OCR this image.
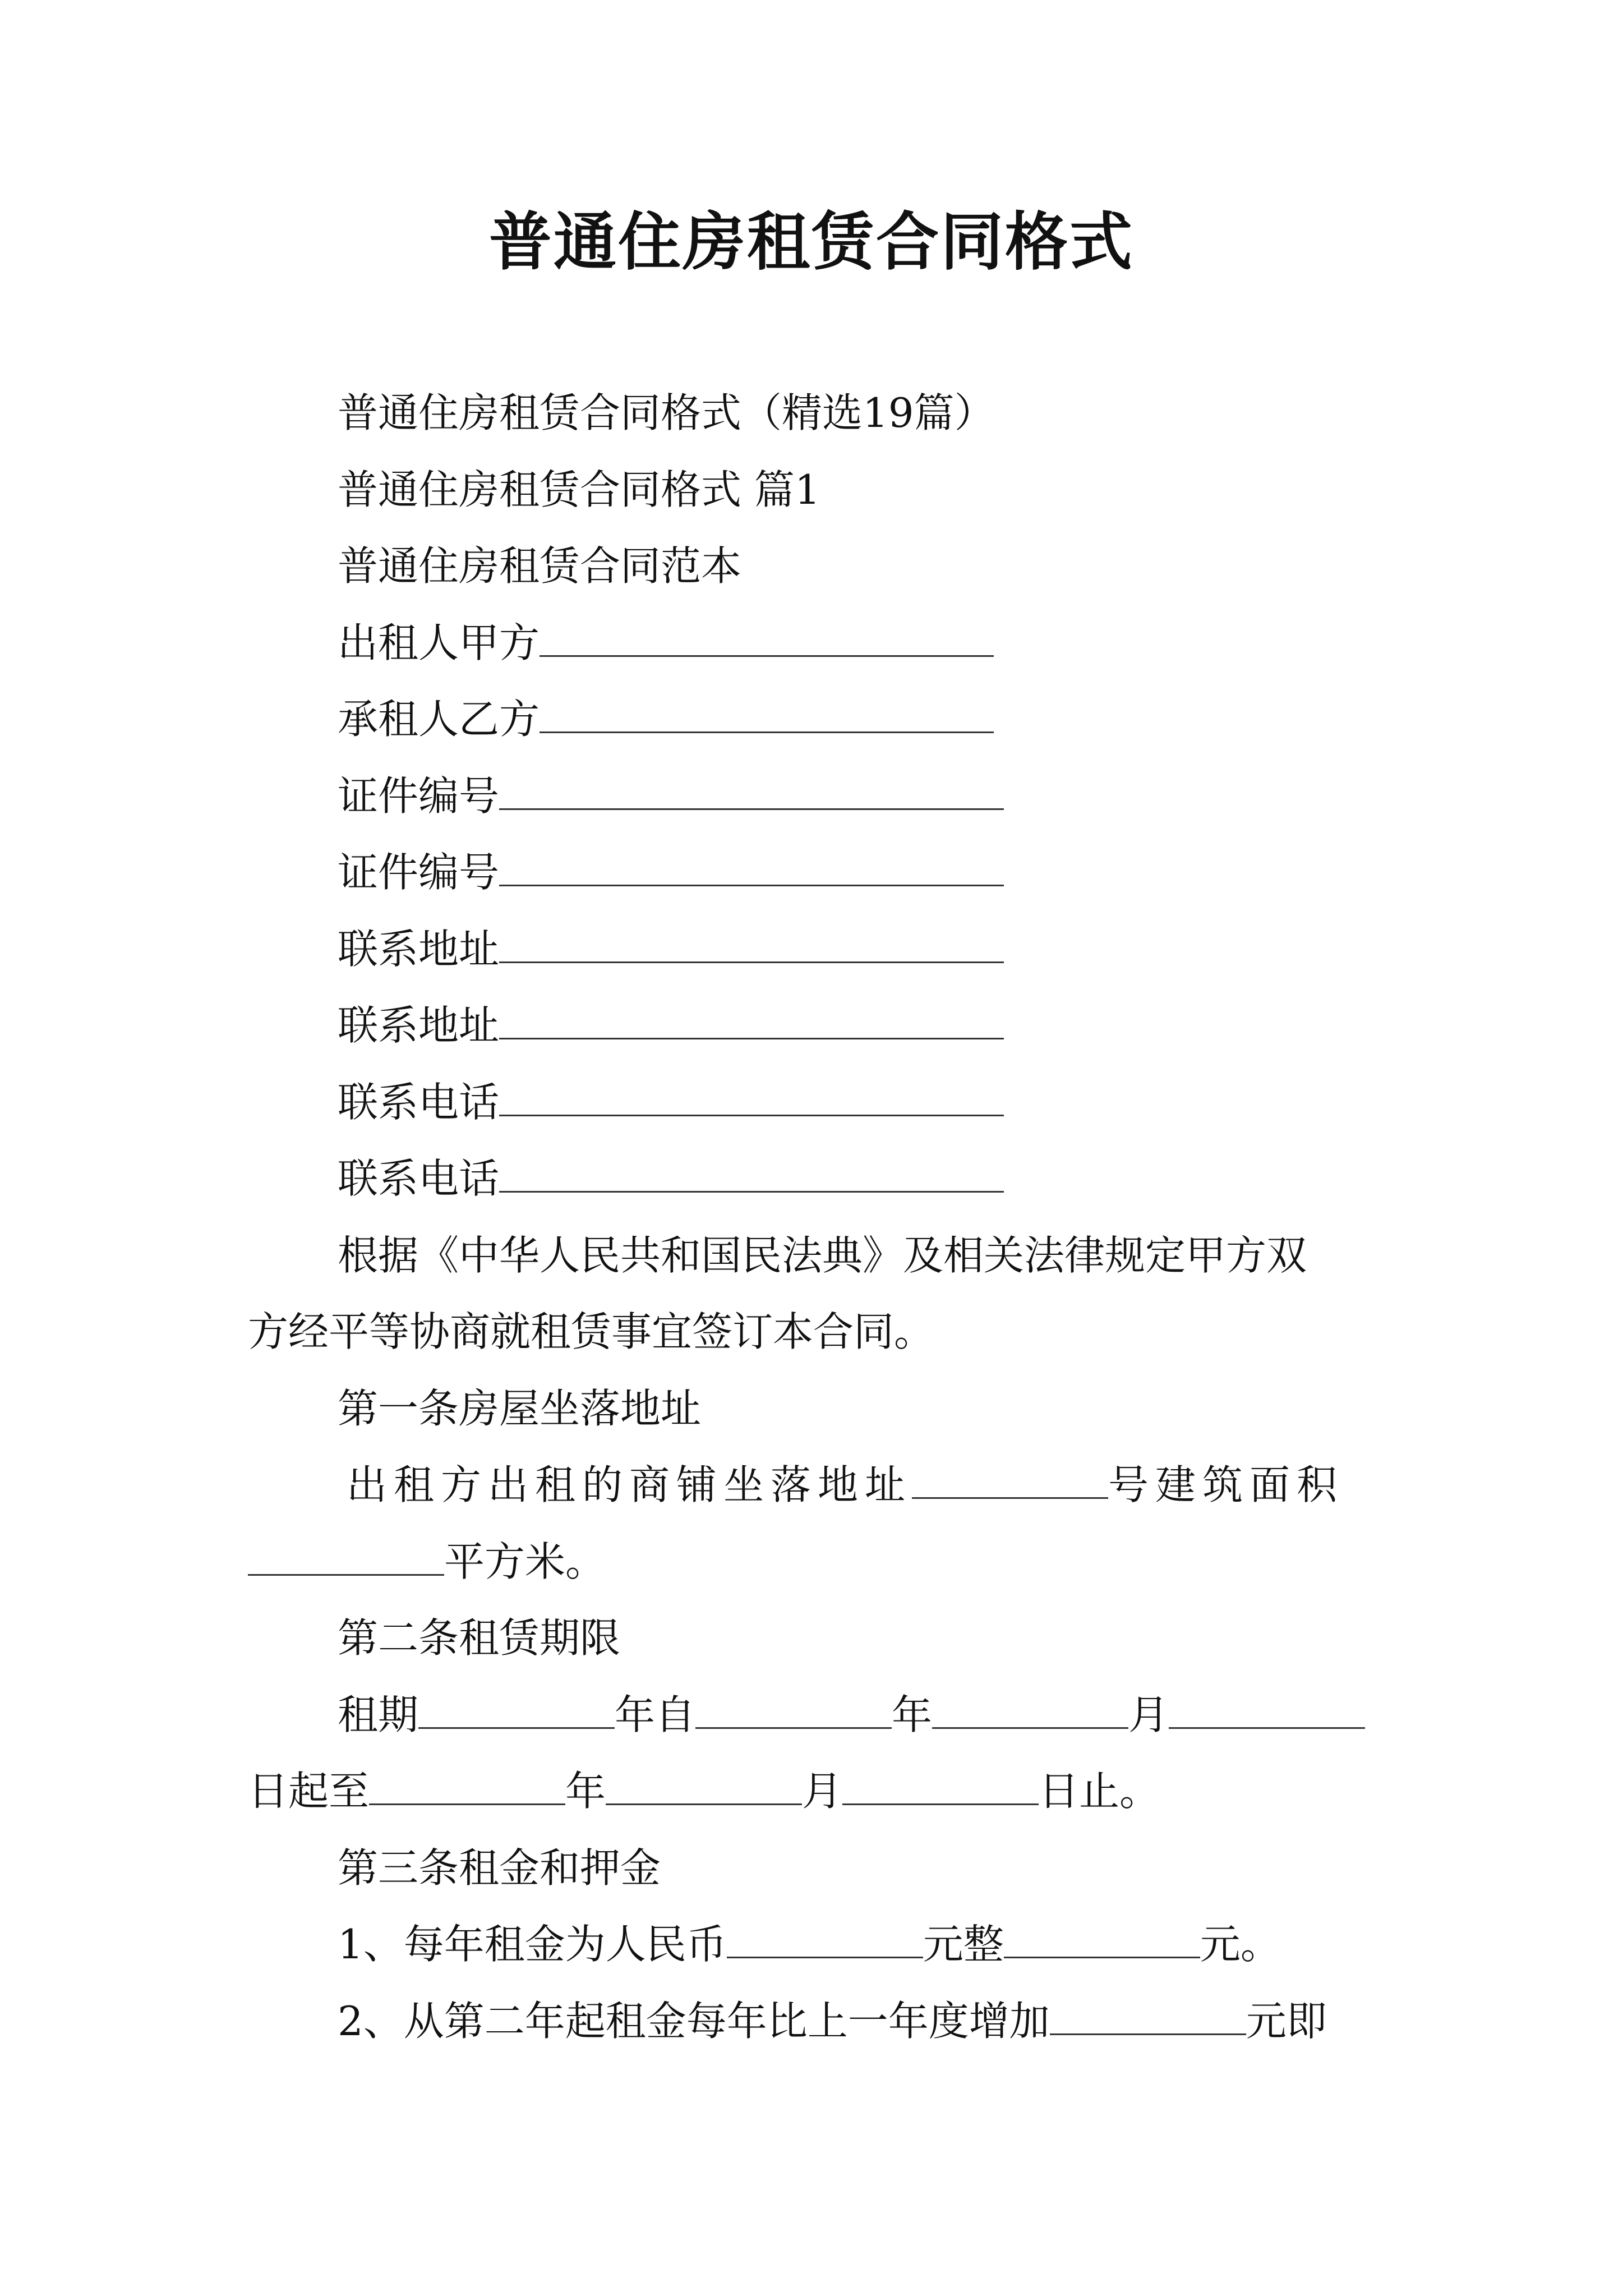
普通住房租赁合同格式
普通住房租赁合同格式（精选19篇）
普通住房租赁合同格式 篇1
普通住房租赁合同范本
出租人甲方
承租人乙方
证件编号
证件编号
联系地址
联系地址
联系电话
联系电话
根据《中华人民共和国民法典》及相关法律规定甲方双
方经平等协商就租赁事宜签订本合同。
第一条房屋坐落地址
出租方出租的商铺坐落地址	号建筑面积
平方米。
第二条租赁期限
租期	年自	年	月
日起至	年	月	日止。
第三条租金和押金
1、每年租金为人民币	元整	元。
2、从第二年起租金每年比上一年度增加	元即
